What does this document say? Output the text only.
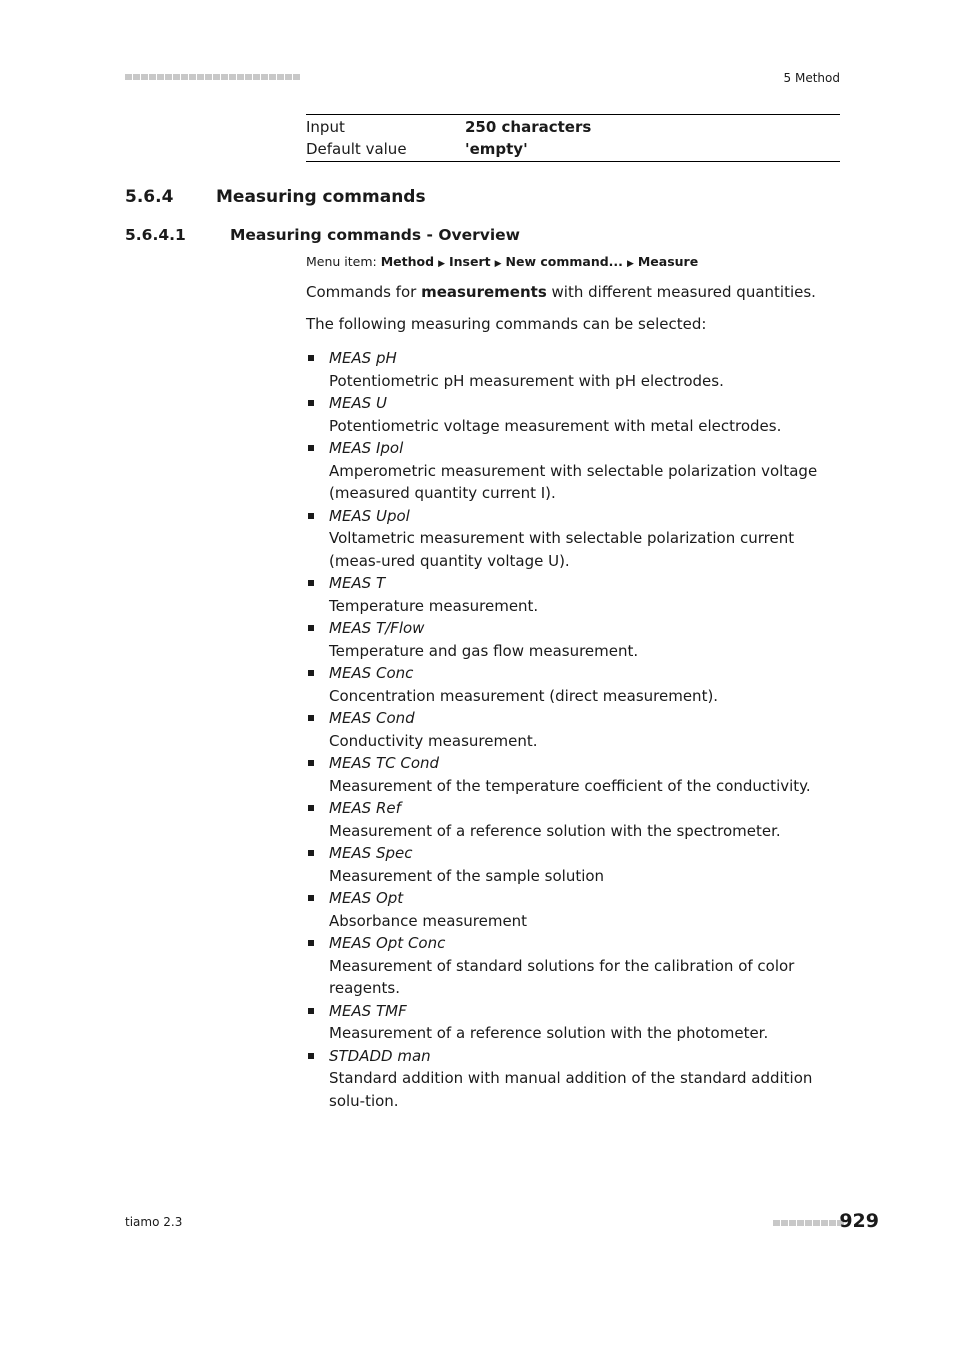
5 Method
Input	250 characters
Default value	'empty'
5.6.4	Measuring commands
5.6.4.1	Measuring commands - Overview
Menu item: Method ▶ Insert ▶ New command... ▶ Measure
Commands for measurements with different measured quantities.
The following measuring commands can be selected:
MEAS pH
Potentiometric pH measurement with pH electrodes.
MEAS U
Potentiometric voltage measurement with metal electrodes.
MEAS Ipol
Amperometric measurement with selectable polarization voltage (measured quantity current I).
MEAS Upol
Voltametric measurement with selectable polarization current (meas-ured quantity voltage U).
MEAS T
Temperature measurement.
MEAS T/Flow
Temperature and gas flow measurement.
MEAS Conc
Concentration measurement (direct measurement).
MEAS Cond
Conductivity measurement.
MEAS TC Cond
Measurement of the temperature coefficient of the conductivity.
MEAS Ref
Measurement of a reference solution with the spectrometer.
MEAS Spec
Measurement of the sample solution
MEAS Opt
Absorbance measurement
MEAS Opt Conc
Measurement of standard solutions for the calibration of color reagents.
MEAS TMF
Measurement of a reference solution with the photometer.
STDADD man
Standard addition with manual addition of the standard addition solu-tion.
tiamo 2.3	929
